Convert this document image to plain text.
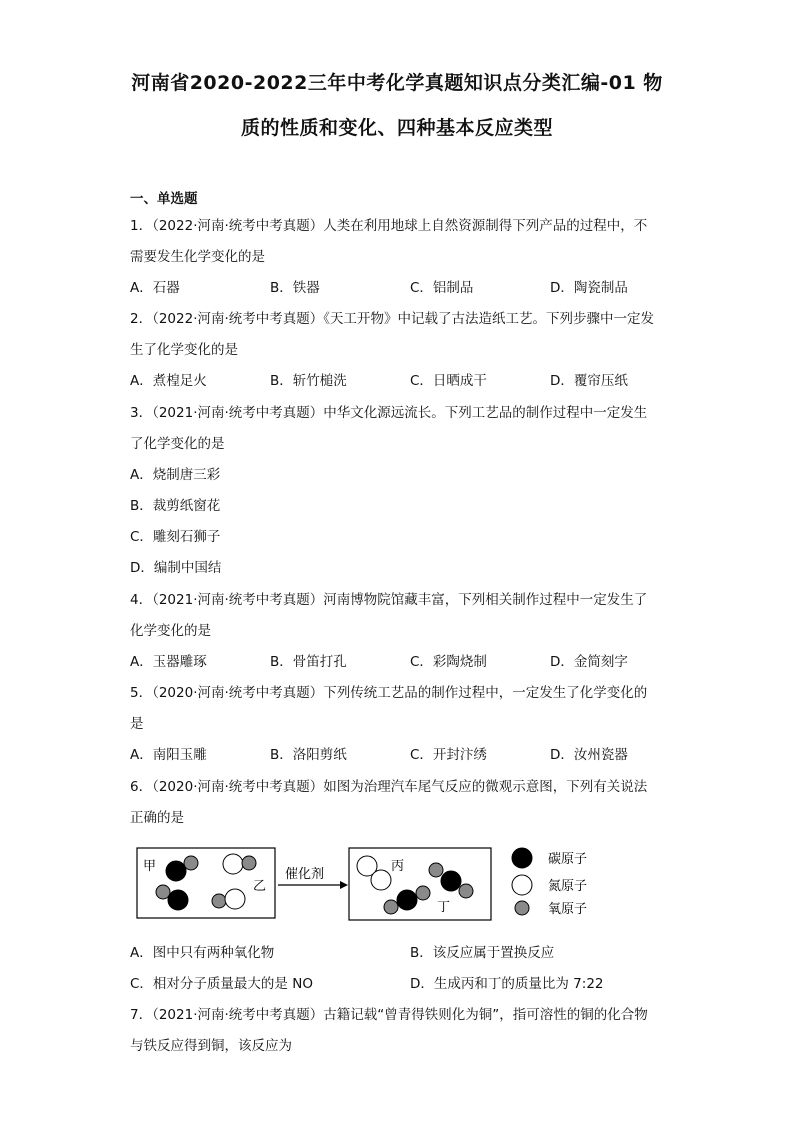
河南省2020-2022三年中考化学真题知识点分类汇编-01 物
质的性质和变化、四种基本反应类型
一、单选题
1．（2022·河南·统考中考真题）人类在利用地球上自然资源制得下列产品的过程中，不
需要发生化学变化的是
A．石器	B．铁器	C．铝制品	D．陶瓷制品
2．（2022·河南·统考中考真题）《天工开物》中记载了古法造纸工艺。下列步骤中一定发
生了化学变化的是
A．煮楻足火	B．斩竹槌洗	C．日晒成干	D．覆帘压纸
3．（2021·河南·统考中考真题）中华文化源远流长。下列工艺品的制作过程中一定发生
了化学变化的是
A．烧制唐三彩
B．裁剪纸窗花
C．雕刻石狮子
D．编制中国结
4．（2021·河南·统考中考真题）河南博物院馆藏丰富，下列相关制作过程中一定发生了
化学变化的是
A．玉器雕琢	B．骨笛打孔	C．彩陶烧制	D．金简刻字
5．（2020·河南·统考中考真题）下列传统工艺品的制作过程中，一定发生了化学变化的
是
A．南阳玉雕	B．洛阳剪纸	C．开封汴绣	D．汝州瓷器
6．（2020·河南·统考中考真题）如图为治理汽车尾气反应的微观示意图，下列有关说法
正确的是
甲
乙
催化剂
丙
丁
碳原子
氮原子
氧原子
A．图中只有两种氧化物	B．该反应属于置换反应
C．相对分子质量最大的是 NO	D．生成丙和丁的质量比为 7:22
7．（2021·河南·统考中考真题）古籍记载“曾青得铁则化为铜”，指可溶性的铜的化合物
与铁反应得到铜，该反应为
